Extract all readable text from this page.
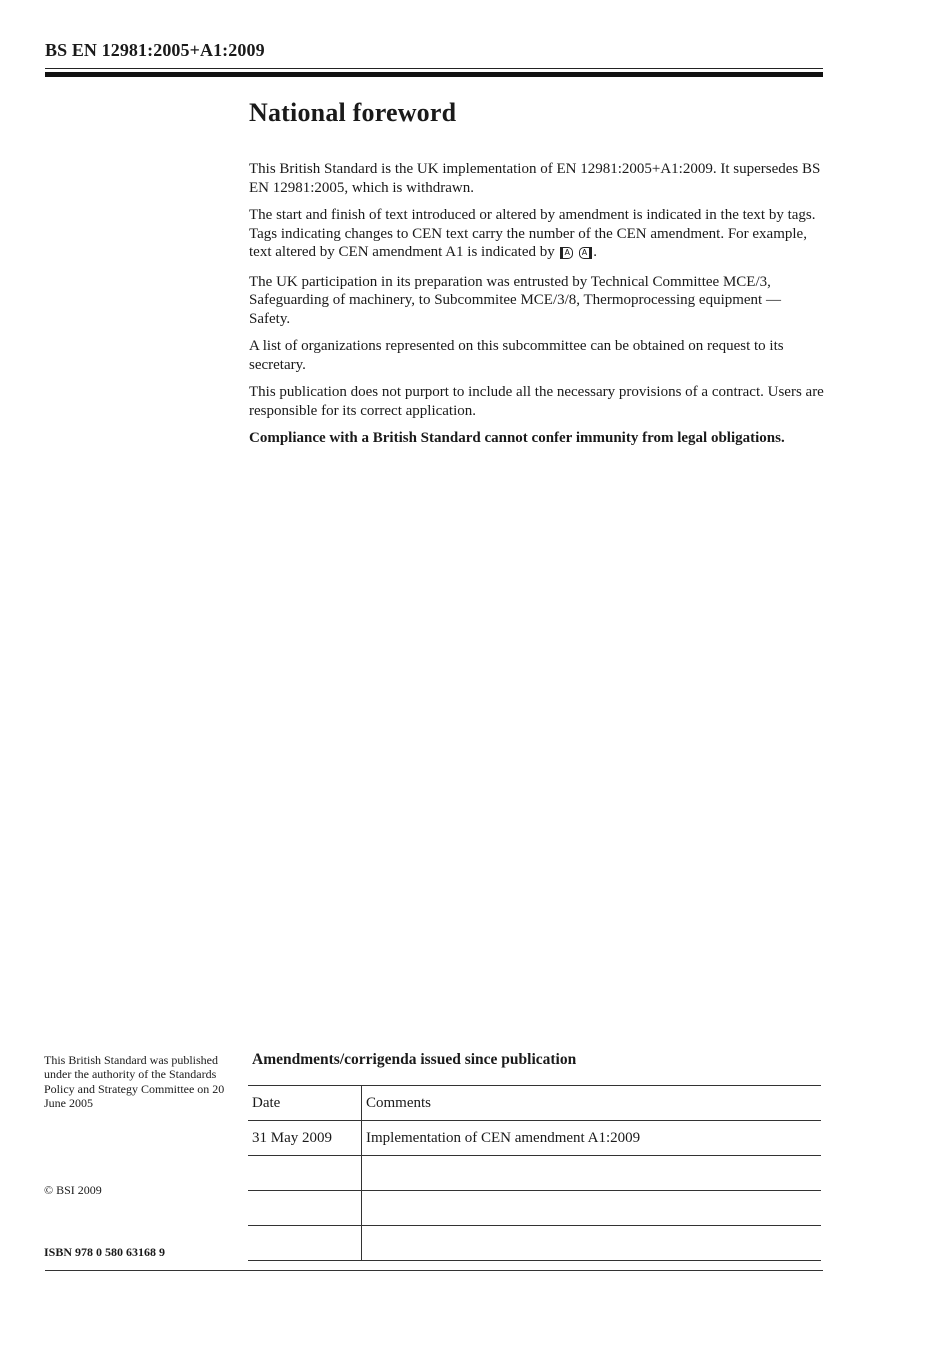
BS EN 12981:2005+A1:2009
National foreword

This British Standard is the UK implementation of EN 12981:2005+A1:2009. It supersedes BS EN 12981:2005, which is withdrawn.

The start and finish of text introduced or altered by amendment is indicated in the text by tags. Tags indicating changes to CEN text carry the number of the CEN amendment. For example, text altered by CEN amendment A1 is indicated by A A .

The UK participation in its preparation was entrusted by Technical Committee MCE/3, Safeguarding of machinery, to Subcommitee MCE/3/8, Thermoprocessing equipment — Safety.

A list of organizations represented on this subcommittee can be obtained on request to its secretary.

This publication does not purport to include all the necessary provisions of a contract. Users are responsible for its correct application.

Compliance with a British Standard cannot confer immunity from legal obligations.

This British Standard was published under the authority of the Standards Policy and Strategy Committee on 20 June 2005
© BSI 2009
ISBN 978 0 580 63168 9
Amendments/corrigenda issued since publication
Date	Comments
31 May 2009	Implementation of CEN amendment A1:2009
